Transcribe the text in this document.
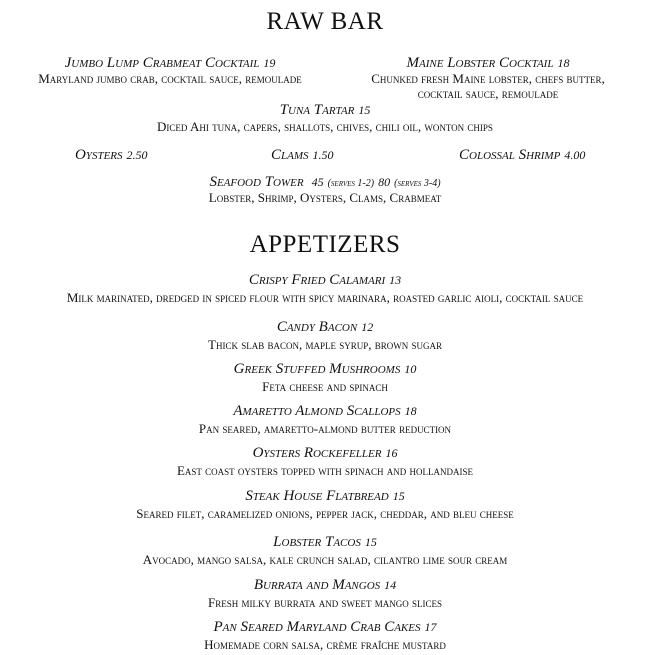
RAW BAR
Jumbo Lump Crabmeat Cocktail 19
Maryland jumbo crab, cocktail sauce, remoulade
Maine Lobster Cocktail 18
Chunked fresh Maine lobster, chefs butter,
cocktail sauce, remoulade
Tuna Tartar 15
Diced Ahi tuna, capers, shallots, chives, chili oil, wonton chips
Oysters 2.50	Clams 1.50	Colossal Shrimp 4.00
Seafood Tower 45 (serves 1-2) 80 (serves 3-4)
Lobster, Shrimp, Oysters, Clams, Crabmeat
APPETIZERS
Crispy Fried Calamari 13
Milk marinated, dredged in spiced flour with spicy marinara, roasted garlic aioli, cocktail sauce
Candy Bacon 12
Thick slab bacon, maple syrup, brown sugar
Greek Stuffed Mushrooms 10
Feta cheese and spinach
Amaretto Almond Scallops 18
Pan seared, amaretto-almond butter reduction
Oysters Rockefeller 16
East coast oysters topped with spinach and hollandaise
Steak House Flatbread 15
Seared filet, caramelized onions, pepper jack, cheddar, and bleu cheese
Lobster Tacos 15
Avocado, mango salsa, kale crunch salad, cilantro lime sour cream
Burrata and Mangos 14
Fresh milky burrata and sweet mango slices
Pan Seared Maryland Crab Cakes 17
Homemade corn salsa, crème fraîche mustard
